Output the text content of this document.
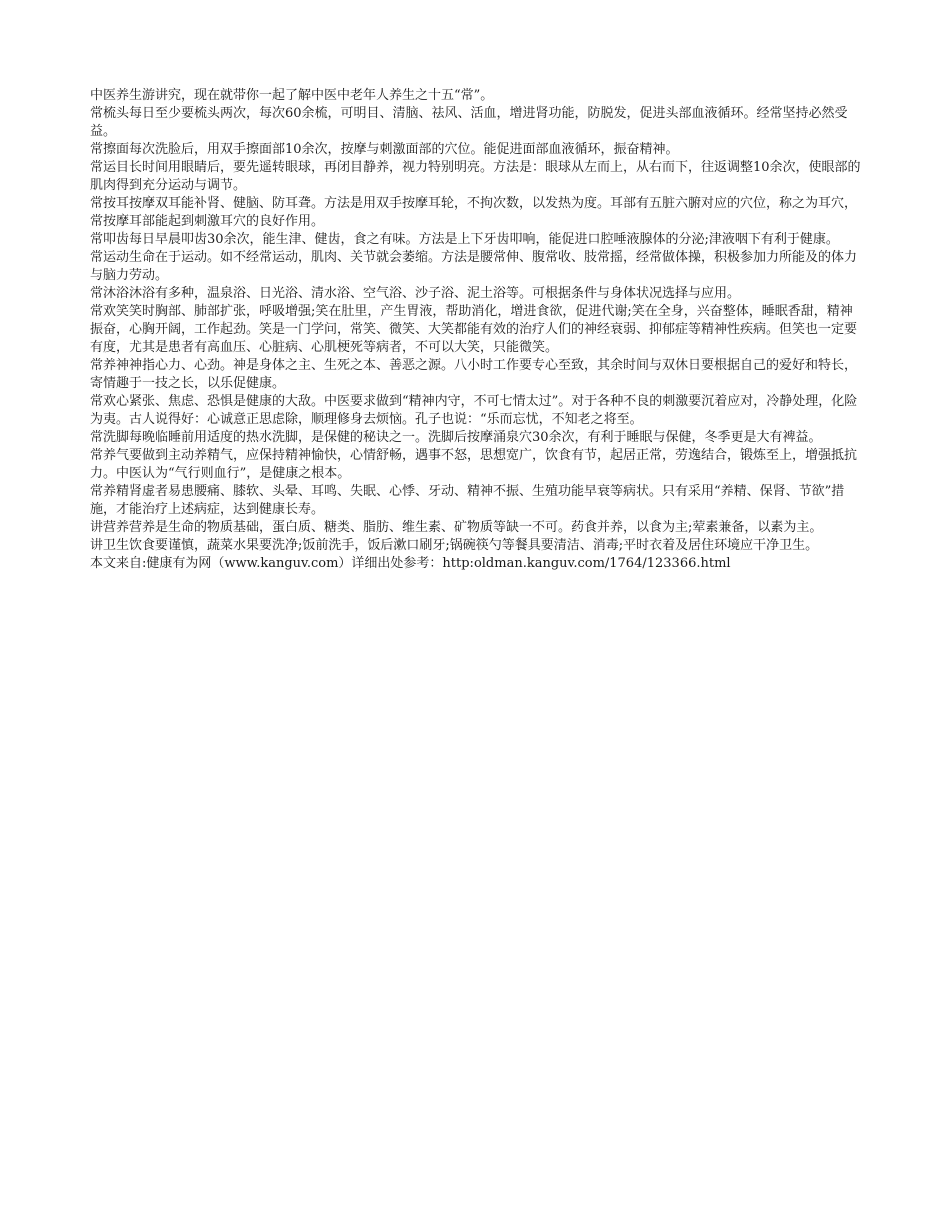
中医养生游讲究，现在就带你一起了解中医中老年人养生之十五“常”。

常梳头每日至少要梳头两次，每次60余梳，可明目、清脑、祛风、活血，增进肾功能，防脱发，促进头部血液循环。经常坚持必然受益。

常擦面每次洗脸后，用双手擦面部10余次，按摩与刺激面部的穴位。能促进面部血液循环，振奋精神。

常运目长时间用眼睛后，要先遥转眼球，再闭目静养，视力特别明亮。方法是：眼球从左而上，从右而下，往返调整10余次，使眼部的肌肉得到充分运动与调节。

常按耳按摩双耳能补肾、健脑、防耳聋。方法是用双手按摩耳轮，不拘次数，以发热为度。耳部有五脏六腑对应的穴位，称之为耳穴，常按摩耳部能起到刺激耳穴的良好作用。

常叩齿每日早晨叩齿30余次，能生津、健齿，食之有味。方法是上下牙齿叩响，能促进口腔唾液腺体的分泌;津液咽下有利于健康。

常运动生命在于运动。如不经常运动，肌肉、关节就会萎缩。方法是腰常伸、腹常收、肢常摇，经常做体操，积极参加力所能及的体力与脑力劳动。

常沐浴沐浴有多种，温泉浴、日光浴、清水浴、空气浴、沙子浴、泥土浴等。可根据条件与身体状况选择与应用。

常欢笑笑时胸部、肺部扩张，呼吸增强;笑在肚里，产生胃液，帮助消化，增进食欲，促进代谢;笑在全身，兴奋整体，睡眠香甜，精神振奋，心胸开阔，工作起劲。笑是一门学问，常笑、微笑、大笑都能有效的治疗人们的神经衰弱、抑郁症等精神性疾病。但笑也一定要有度，尤其是患者有高血压、心脏病、心肌梗死等病者，不可以大笑，只能微笑。

常养神神指心力、心劲。神是身体之主、生死之本、善恶之源。八小时工作要专心至致，其余时间与双休日要根据自己的爱好和特长，寄情趣于一技之长，以乐促健康。

常欢心紧张、焦虑、恐惧是健康的大敌。中医要求做到“精神内守，不可七情太过”。对于各种不良的刺激要沉着应对，冷静处理，化险为夷。古人说得好：心诚意正思虑除，顺理修身去烦恼。孔子也说：“乐而忘忧，不知老之将至。

常洗脚每晚临睡前用适度的热水洗脚，是保健的秘诀之一。洗脚后按摩涌泉穴30余次，有利于睡眠与保健，冬季更是大有裨益。

常养气要做到主动养精气，应保持精神愉快，心情舒畅，遇事不怒，思想宽广，饮食有节，起居正常，劳逸结合，锻炼至上，增强抵抗力。中医认为“气行则血行”，是健康之根本。

常养精肾虚者易患腰痛、膝软、头晕、耳鸣、失眠、心悸、牙动、精神不振、生殖功能早衰等病状。只有采用“养精、保肾、节欲”措施，才能治疗上述病症，达到健康长寿。

讲营养营养是生命的物质基础，蛋白质、糖类、脂肪、维生素、矿物质等缺一不可。药食并养，以食为主;荤素兼备，以素为主。

讲卫生饮食要谨慎，蔬菜水果要洗净;饭前洗手，饭后漱口刷牙;锅碗筷勺等餐具要清洁、消毒;平时衣着及居住环境应干净卫生。

本文来自:健康有为网（www.kanguv.com）详细出处参考：http:oldman.kanguv.com/1764/123366.html
